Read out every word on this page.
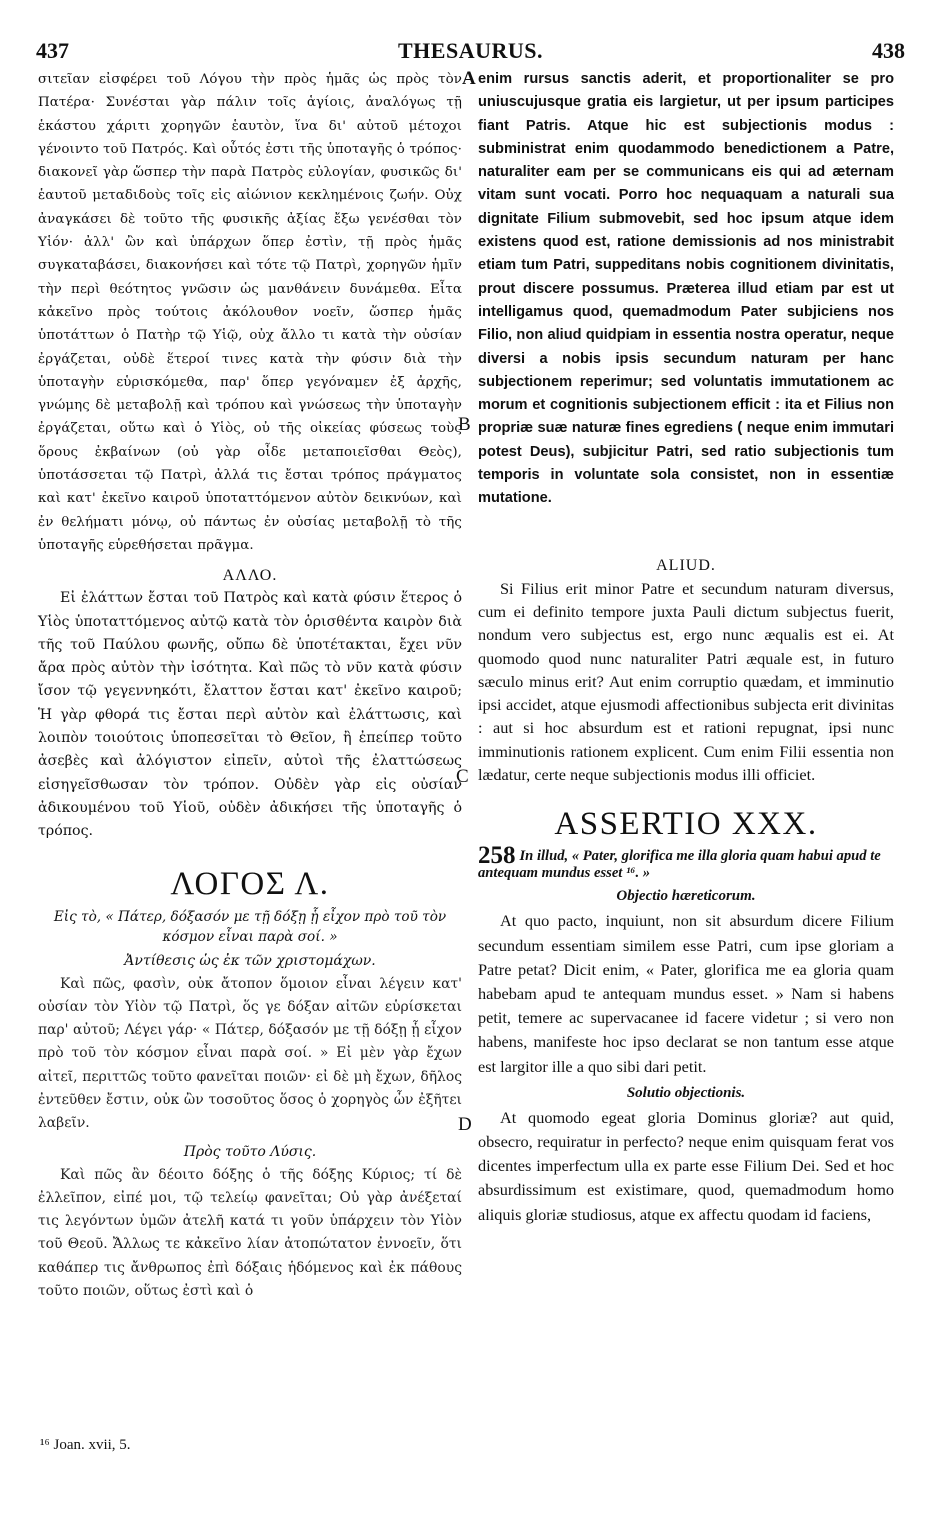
437	THESAURUS.	438

σιτεῖαν εἰσφέρει τοῦ Λόγου τὴν πρὸς ἡμᾶς ὡς πρὸς τὸν Πατέρα· Συνέσται γὰρ πάλιν τοῖς ἁγίοις, ἀναλόγως τῇ ἑκάστου χάριτι χορηγῶν ἑαυτὸν, ἵνα δι' αὐτοῦ μέτοχοι γένοιντο τοῦ Πατρός. Καὶ οὗτός ἐστι τῆς ὑποταγῆς ὁ τρόπος· διακονεῖ γὰρ ὥσπερ τὴν παρὰ Πατρὸς εὐλογίαν, φυσικῶς δι' ἑαυτοῦ μεταδιδοὺς τοῖς εἰς αἰώνιον κεκλημένοις ζωήν. Οὐχ ἀναγκάσει δὲ τοῦτο τῆς φυσικῆς ἀξίας ἔξω γενέσθαι τὸν Υἱόν· ἀλλ' ὢν καὶ ὑπάρχων ὅπερ ἐστὶν, τῇ πρὸς ἡμᾶς συγκαταβάσει, διακονήσει καὶ τότε τῷ Πατρὶ, χορηγῶν ἡμῖν τὴν περὶ θεότητος γνῶσιν ὡς μανθάνειν δυνάμεθα. Εἶτα κἀκεῖνο πρὸς τούτοις ἀκόλουθον νοεῖν, ὥσπερ ἡμᾶς ὑποτάττων ὁ Πατὴρ τῷ Υἱῷ, οὐχ ἄλλο τι κατὰ τὴν οὐσίαν ἐργάζεται, οὐδὲ ἕτεροί τινες κατὰ τὴν φύσιν διὰ τὴν ὑποταγὴν εὑρισκόμεθα, παρ' ὅπερ γεγόναμεν ἐξ ἀρχῆς, γνώμης δὲ μεταβολῇ καὶ τρόπου καὶ γνώσεως τὴν ὑποταγὴν ἐργάζεται, οὕτω καὶ ὁ Υἱὸς, οὐ τῆς οἰκείας φύσεως τοὺς ὅρους ἐκβαίνων (οὐ γὰρ οἶδε μεταποιεῖσθαι Θεὸς), ὑποτάσσεται τῷ Πατρὶ, ἀλλά τις ἔσται τρόπος πράγματος καὶ κατ' ἐκεῖνο καιροῦ ὑποταττόμενον αὐτὸν δεικνύων, καὶ ἐν θελήματι μόνῳ, οὐ πάντως ἐν οὐσίας μεταβολῇ τὸ τῆς ὑποταγῆς εὑρεθήσεται πρᾶγμα.

ΑΛΛΟ.

Εἰ ἐλάττων ἔσται τοῦ Πατρὸς καὶ κατὰ φύσιν ἕτερος ὁ Υἱὸς ὑποταττόμενος αὐτῷ κατὰ τὸν ὁρισθέντα καιρὸν διὰ τῆς τοῦ Παύλου φωνῆς, οὔπω δὲ ὑποτέτακται, ἔχει νῦν ἄρα πρὸς αὐτὸν τὴν ἰσότητα. Καὶ πῶς τὸ νῦν κατὰ φύσιν ἴσον τῷ γεγεννηκότι, ἔλαττον ἔσται κατ' ἐκεῖνο καιροῦ; Ἡ γὰρ φθορά τις ἔσται περὶ αὐτὸν καὶ ἐλάττωσις, καὶ λοιπὸν τοιούτοις ὑποπεσεῖται τὸ Θεῖον, ἢ ἐπείπερ τοῦτο ἀσεβὲς καὶ ἀλόγιστον εἰπεῖν, αὐτοὶ τῆς ἐλαττώσεως εἰσηγεῖσθωσαν τὸν τρόπον. Οὐδὲν γὰρ εἰς οὐσίαν ἀδικουμένου τοῦ Υἱοῦ, οὐδὲν ἀδικήσει τῆς ὑποταγῆς ὁ τρόπος.

ΛΟΓΟΣ Λ.

Εἰς τὸ, « Πάτερ, δόξασόν με τῇ δόξῃ ᾗ εἶχον πρὸ τοῦ τὸν κόσμον εἶναι παρὰ σοί. »

Ἀντίθεσις ὡς ἐκ τῶν χριστομάχων.

Καὶ πῶς, φασὶν, οὐκ ἄτοπον ὅμοιον εἶναι λέγειν κατ' οὐσίαν τὸν Υἱὸν τῷ Πατρὶ, ὅς γε δόξαν αἰτῶν εὑρίσκεται παρ' αὐτοῦ; Λέγει γάρ· « Πάτερ, δόξασόν με τῇ δόξῃ ᾗ εἶχον πρὸ τοῦ τὸν κόσμον εἶναι παρὰ σοί. » Εἰ μὲν γὰρ ἔχων αἰτεῖ, περιττῶς τοῦτο φανεῖται ποιῶν· εἰ δὲ μὴ ἔχων, δῆλος ἐντεῦθεν ἔστιν, οὐκ ὢν τοσοῦτος ὅσος ὁ χορηγὸς ὧν ἐξῆτει λαβεῖν.

Πρὸς τοῦτο Λύσις.

Καὶ πῶς ἂν δέοιτο δόξης ὁ τῆς δόξης Κύριος; τί δὲ ἐλλεῖπον, εἰπέ μοι, τῷ τελείῳ φανεῖται; Οὐ γὰρ ἀνέξεταί τις λεγόντων ὑμῶν ἀτελῆ κατά τι γοῦν ὑπάρχειν τὸν Υἱὸν τοῦ Θεοῦ. Ἄλλως τε κἀκεῖνο λίαν ἀτοπώτατον ἐννοεῖν, ὅτι καθάπερ τις ἄνθρωπος ἐπὶ δόξαις ἡδόμενος καὶ ἐκ πάθους τοῦτο ποιῶν, οὕτως ἐστὶ καὶ ὁ

enim rursus sanctis aderit, et proportionaliter se pro uniuscujusque gratia eis largietur, ut per ipsum participes fiant Patris. Atque hic est subjectionis modus : subministrat enim quodammodo benedictionem a Patre, naturaliter eam per se communicans eis qui ad æternam vitam sunt vocati. Porro hoc nequaquam a naturali sua dignitate Filium submovebit, sed hoc ipsum atque idem existens quod est, ratione demissionis ad nos ministrabit etiam tum Patri, suppeditans nobis cognitionem divinitatis, prout discere possumus. Præterea illud etiam par est ut intelligamus quod, quemadmodum Pater subjiciens nos Filio, non aliud quidpiam in essentia nostra operatur, neque diversi a nobis ipsis secundum naturam per hanc subjectionem reperimur; sed voluntatis immutationem ac morum et cognitionis subjectionem efficit : ita et Filius non propriæ suæ naturæ fines egrediens ( neque enim immutari potest Deus), subjicitur Patri, sed ratio subjectionis tum temporis in voluntate sola consistet, non in essentiæ mutatione.

ALIUD.

Si Filius erit minor Patre et secundum naturam diversus, cum ei definito tempore juxta Pauli dictum subjectus fuerit, nondum vero subjectus est, ergo nunc æqualis est ei. At quomodo quod nunc naturaliter Patri æquale est, in futuro sæculo minus erit? Aut enim corruptio quædam, et imminutio ipsi accidet, atque ejusmodi affectionibus subjecta erit divinitas : aut si hoc absurdum est et rationi repugnat, ipsi nunc imminutionis rationem explicent. Cum enim Filii essentia non lædatur, certe neque subjectionis modus illi officiet.

ASSERTIO XXX.

258 In illud, « Pater, glorifica me illa gloria quam habui apud te antequam mundus esset ¹⁶. »

Objectio hæreticorum.

At quo pacto, inquiunt, non sit absurdum dicere Filium secundum essentiam similem esse Patri, cum ipse gloriam a Patre petat? Dicit enim, « Pater, glorifica me ea gloria quam habebam apud te antequam mundus esset. » Nam si habens petit, temere ac supervacanee id facere videtur ; si vero non habens, manifeste hoc ipso declarat se non tantum esse atque est largitor ille a quo sibi dari petit.

Solutio objectionis.

At quomodo egeat gloria Dominus gloriæ? aut quid, obsecro, requiratur in perfecto? neque enim quisquam ferat vos dicentes imperfectum ulla ex parte esse Filium Dei. Sed et hoc absurdissimum est existimare, quod, quemadmodum homo aliquis gloriæ studiosus, atque ex affectu quodam id faciens,

A
B
C
D
¹⁶ Joan. xvii, 5.
